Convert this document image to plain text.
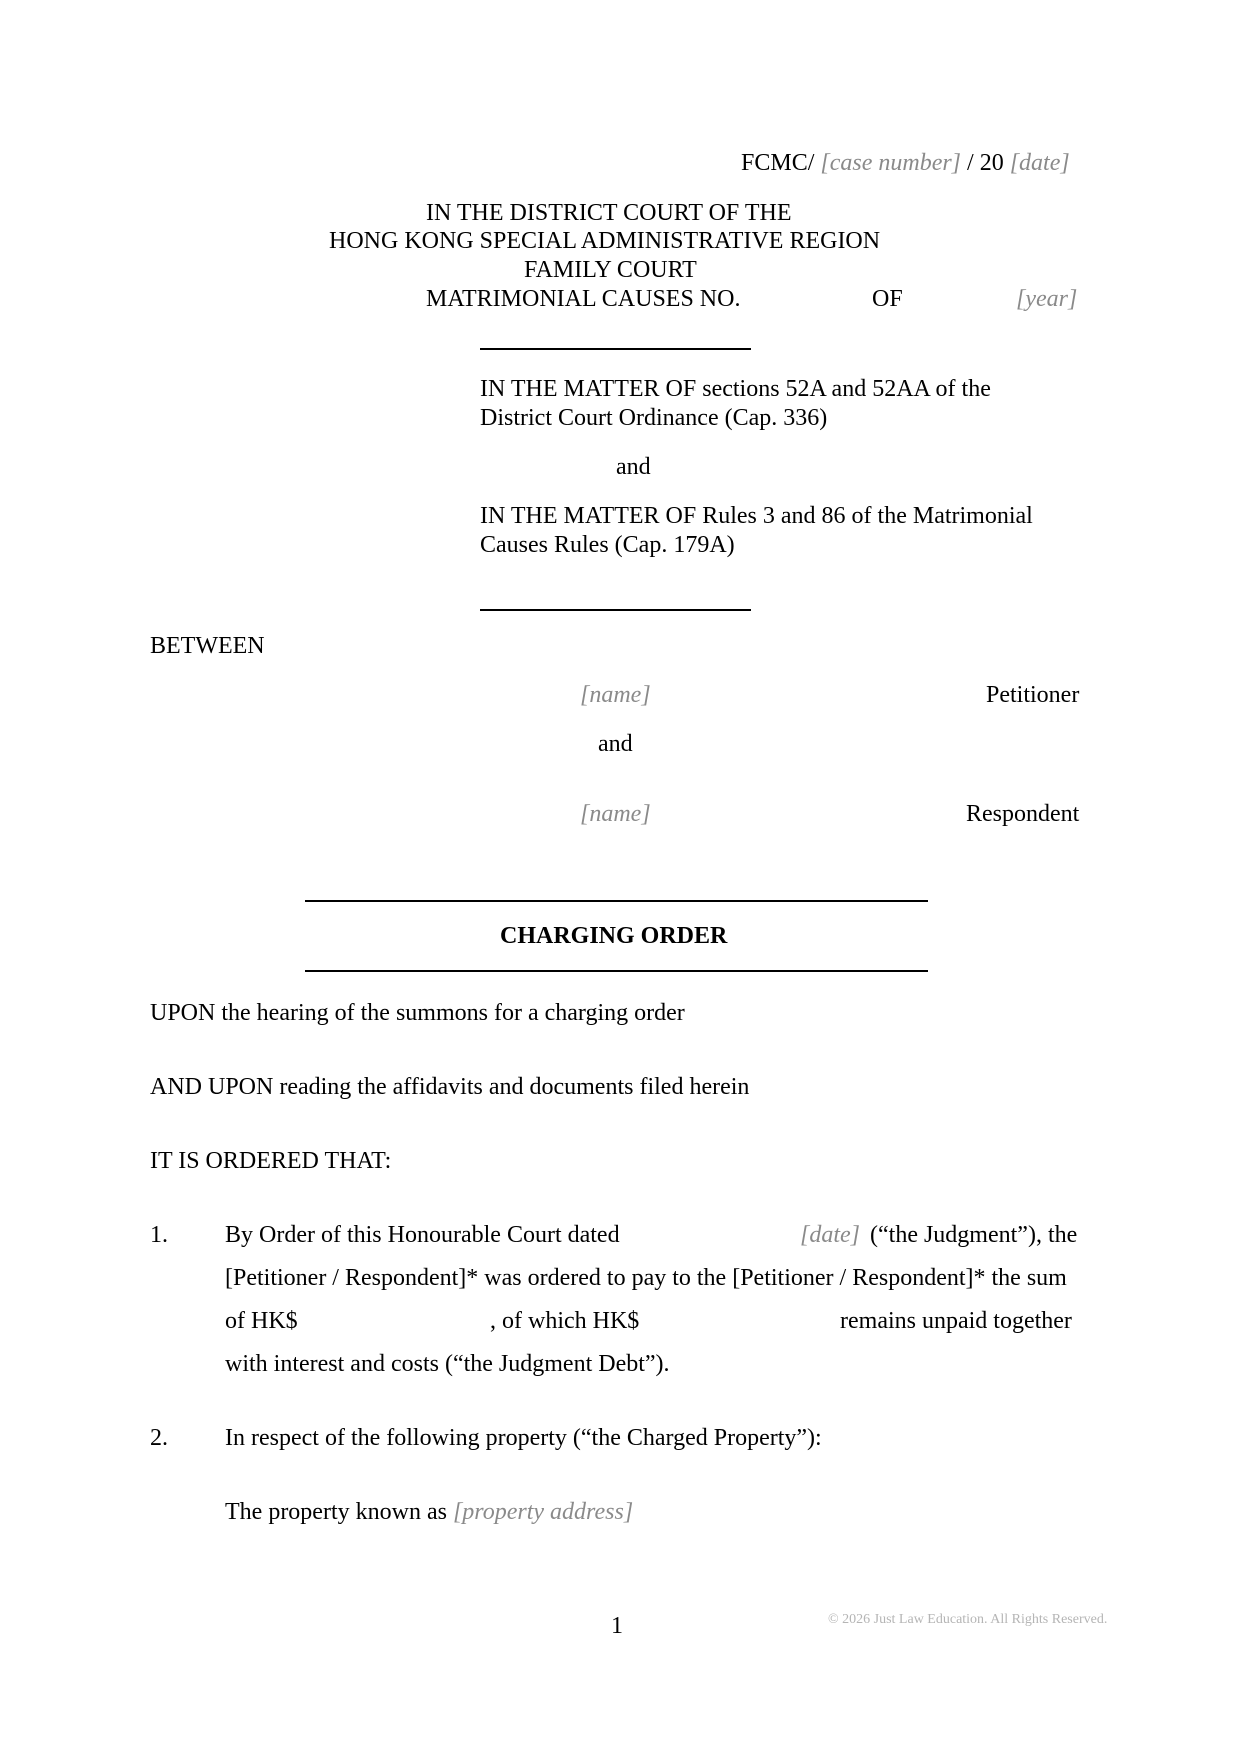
FCMC/ [case number] / 20 [date]
IN THE DISTRICT COURT OF THE
HONG KONG SPECIAL ADMINISTRATIVE REGION
FAMILY COURT
MATRIMONIAL CAUSES NO.	OF	[year]
IN THE MATTER OF sections 52A and 52AA of the
District Court Ordinance (Cap. 336)
and
IN THE MATTER OF Rules 3 and 86 of the Matrimonial
Causes Rules (Cap. 179A)
BETWEEN
[name]	Petitioner
and
[name]	Respondent
CHARGING ORDER
UPON the hearing of the summons for a charging order
AND UPON reading the affidavits and documents filed herein
IT IS ORDERED THAT:
1. By Order of this Honourable Court dated	[date] (“the Judgment”), the
[Petitioner / Respondent]* was ordered to pay to the [Petitioner / Respondent]* the sum
of HK$	, of which HK$	remains unpaid together
with interest and costs (“the Judgment Debt”).
2. In respect of the following property (“the Charged Property”):
The property known as [property address]
1	© 2026 Just Law Education. All Rights Reserved.
